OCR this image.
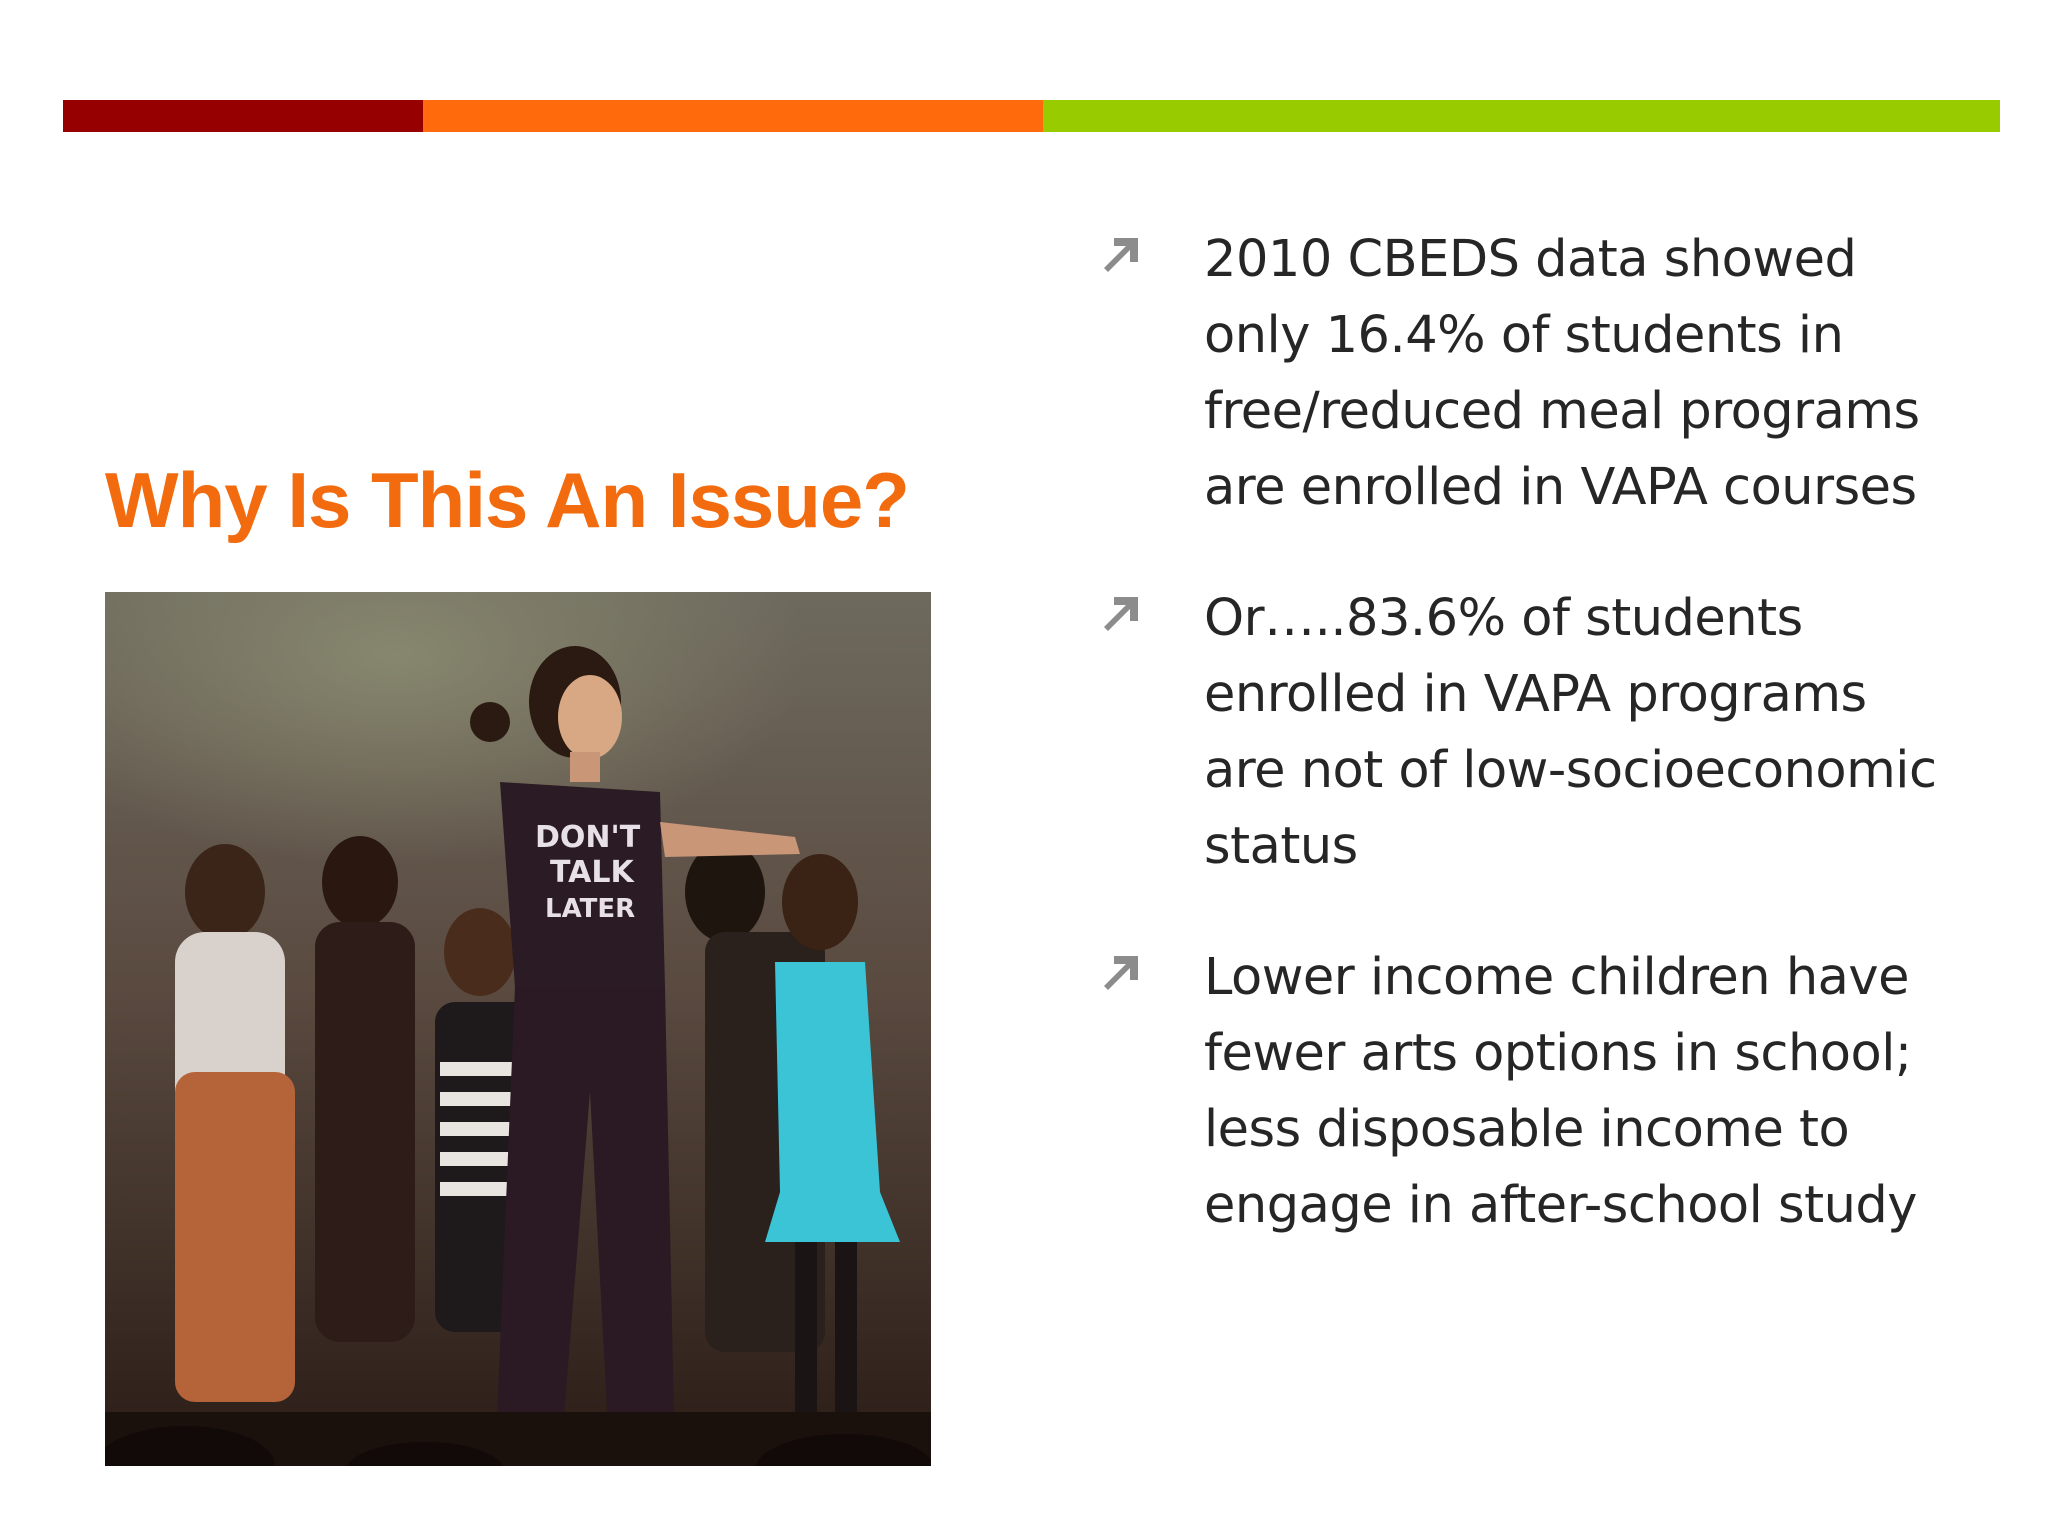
Why Is This An Issue?
DON'T
TALK
LATER
2010 CBEDS data showed
only 16.4% of students in
free/reduced meal programs
are enrolled in VAPA courses
Or…..83.6% of students
enrolled in VAPA programs
are not of low-socioeconomic
status
Lower income children have
fewer arts options in school;
less disposable income to
engage in after-school study
